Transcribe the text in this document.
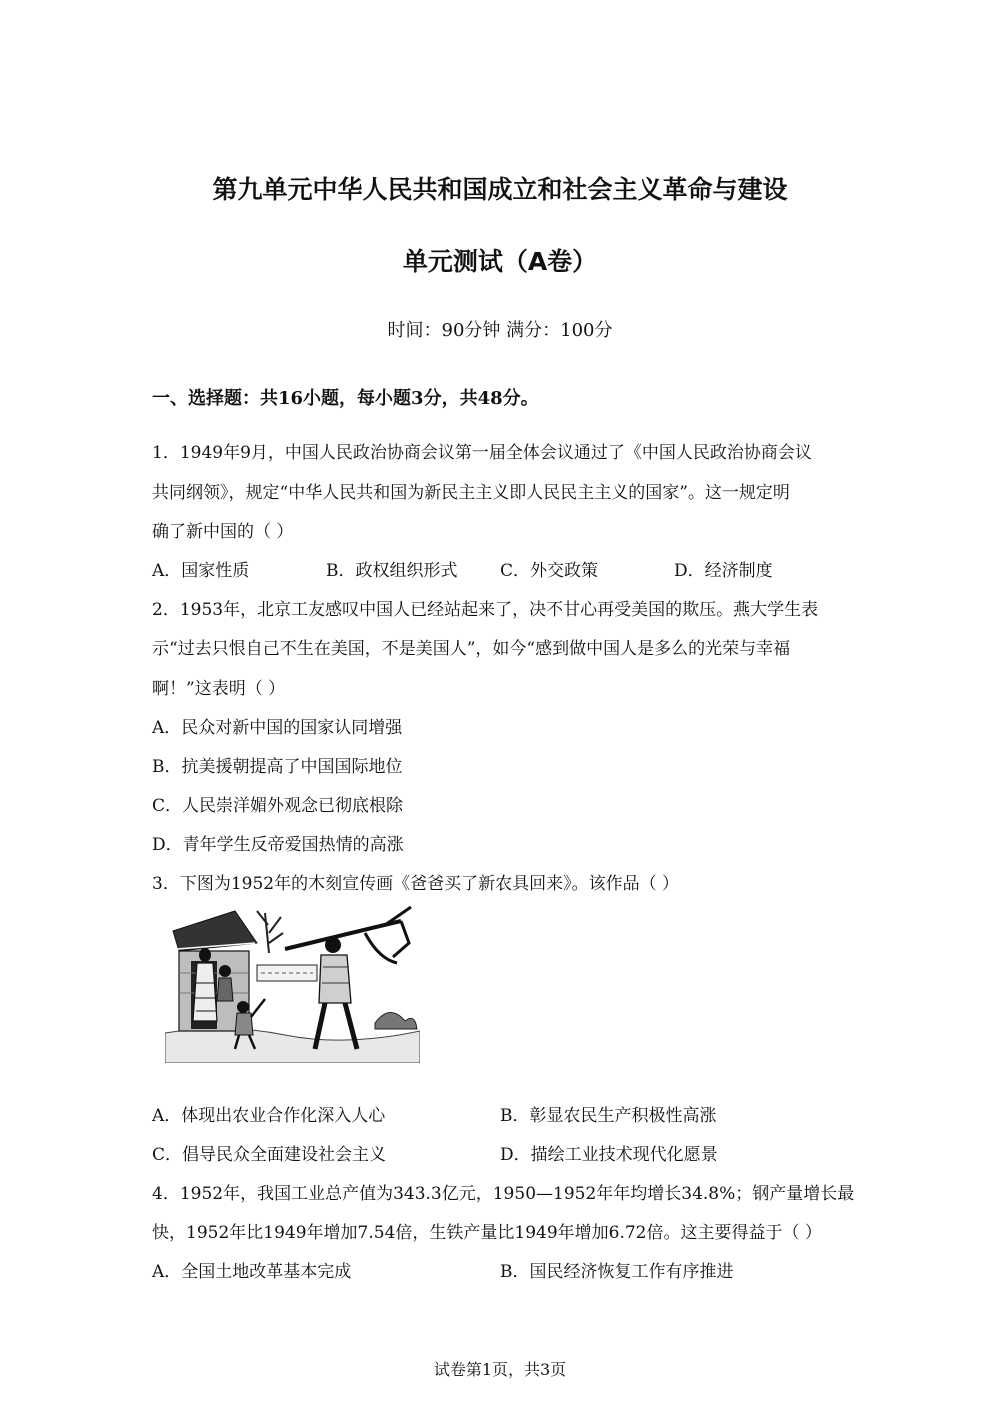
第九单元中华人民共和国成立和社会主义革命与建设
单元测试（A卷）
时间：90分钟 满分：100分
一、选择题：共16小题，每小题3分，共48分。
1．1949年9月，中国人民政治协商会议第一届全体会议通过了《中国人民政治协商会议
共同纲领》，规定“中华人民共和国为新民主主义即人民民主主义的国家”。这一规定明
确了新中国的（ ）
A．国家性质	B．政权组织形式	C．外交政策	D．经济制度
2．1953年，北京工友感叹中国人已经站起来了，决不甘心再受美国的欺压。燕大学生表
示“过去只恨自己不生在美国，不是美国人”，如今“感到做中国人是多么的光荣与幸福
啊！”这表明（ ）
A．民众对新中国的国家认同增强
B．抗美援朝提高了中国国际地位
C．人民崇洋媚外观念已彻底根除
D．青年学生反帝爱国热情的高涨
3．下图为1952年的木刻宣传画《爸爸买了新农具回来》。该作品（ ）
A．体现出农业合作化深入人心	B．彰显农民生产积极性高涨
C．倡导民众全面建设社会主义	D．描绘工业技术现代化愿景
4．1952年，我国工业总产值为343.3亿元，1950—1952年年均增长34.8%；钢产量增长最
快，1952年比1949年增加7.54倍，生铁产量比1949年增加6.72倍。这主要得益于（ ）
A．全国土地改革基本完成	B．国民经济恢复工作有序推进
试卷第1页，共3页
